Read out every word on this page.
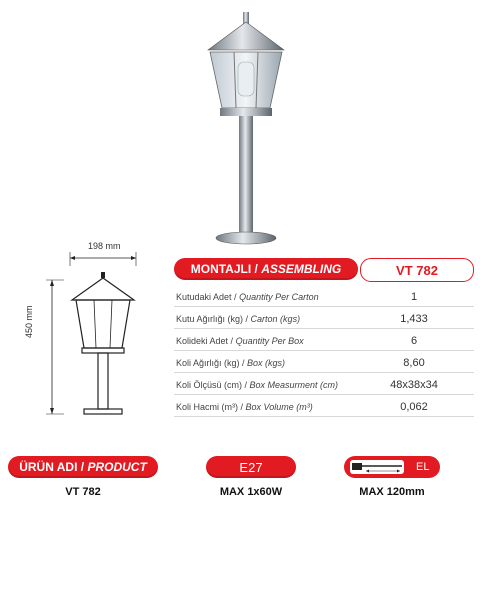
198 mm
450 mm
MONTAJLI / ASSEMBLING	VT 782
Kutudaki Adet / Quantity Per Carton	1
Kutu Ağırlığı (kg) / Carton (kgs)	1,433
Kolideki Adet / Quantity Per Box	6
Koli Ağırlığı (kg) / Box (kgs)	8,60
Koli Ölçüsü (cm) / Box Measurment (cm)	48x38x34
Koli Hacmi (m³) / Box Volume (m³)	0,062
ÜRÜN ADI / PRODUCT	E27	EL
VT 782	MAX 1x60W	MAX 120mm
